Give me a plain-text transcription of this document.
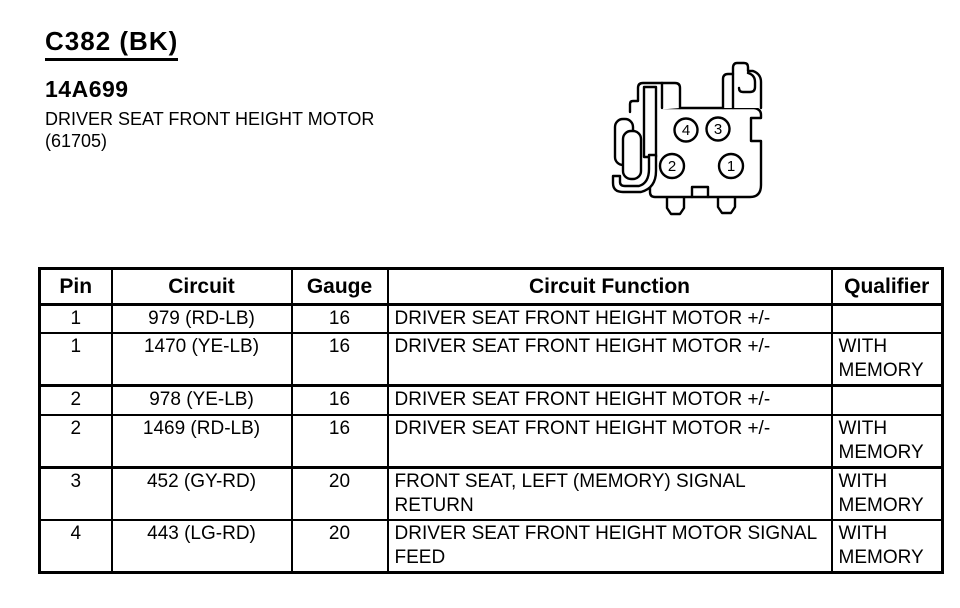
C382 (BK)
14A699
DRIVER SEAT FRONT HEIGHT MOTOR
(61705)
4 3
2	1
Pin	Circuit	Gauge	Circuit Function	Qualifier
1	979 (RD-LB)	16	DRIVER SEAT FRONT HEIGHT MOTOR +/-	
1	1470 (YE-LB)	16	DRIVER SEAT FRONT HEIGHT MOTOR +/-	WITH MEMORY
2	978 (YE-LB)	16	DRIVER SEAT FRONT HEIGHT MOTOR +/-	
2	1469 (RD-LB)	16	DRIVER SEAT FRONT HEIGHT MOTOR +/-	WITH MEMORY
3	452 (GY-RD)	20	FRONT SEAT, LEFT (MEMORY) SIGNAL RETURN	WITH MEMORY
4	443 (LG-RD)	20	DRIVER SEAT FRONT HEIGHT MOTOR SIGNAL FEED	WITH MEMORY
